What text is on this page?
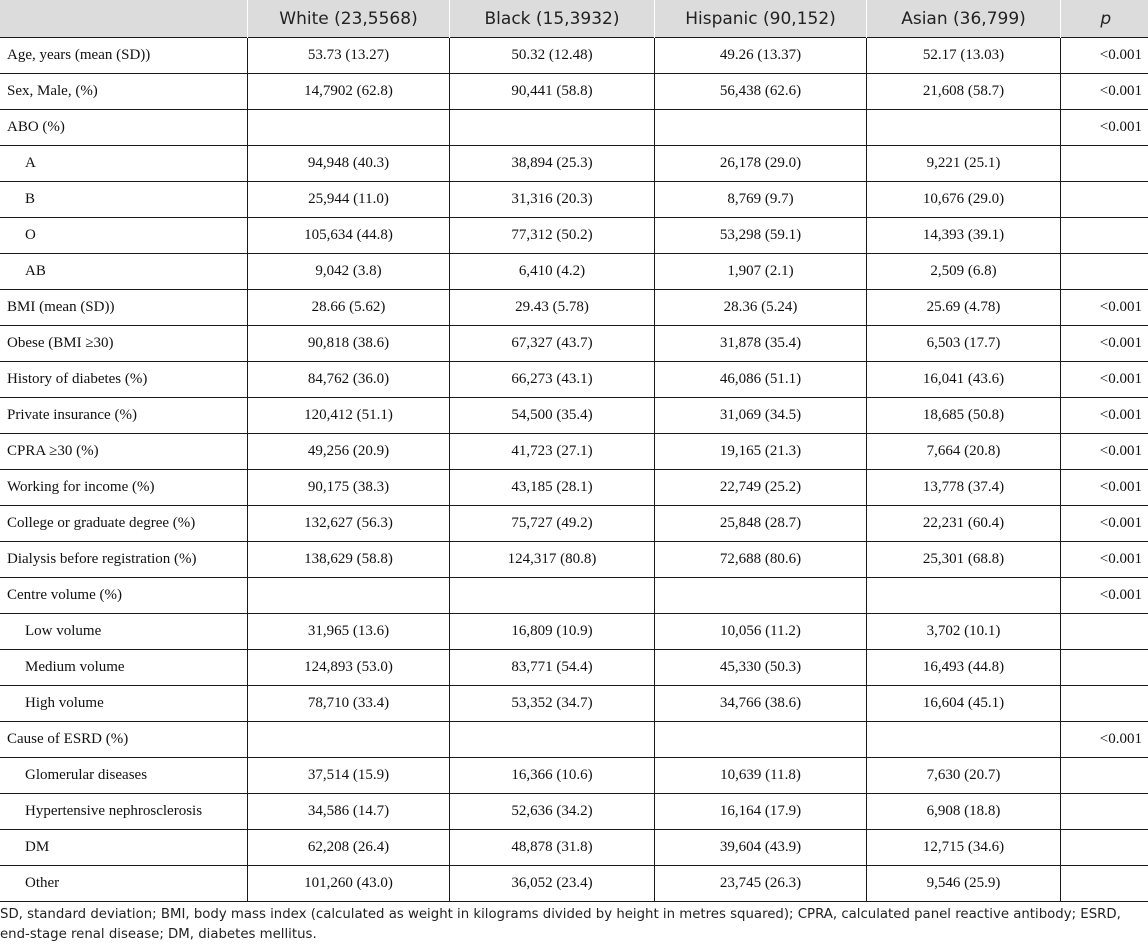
	White (23,5568)	Black (15,3932)	Hispanic (90,152)	Asian (36,799)	p
Age, years (mean (SD))	53.73 (13.27)	50.32 (12.48)	49.26 (13.37)	52.17 (13.03)	<0.001
Sex, Male, (%)	14,7902 (62.8)	90,441 (58.8)	56,438 (62.6)	21,608 (58.7)	<0.001
ABO (%)					<0.001
A	94,948 (40.3)	38,894 (25.3)	26,178 (29.0)	9,221 (25.1)	
B	25,944 (11.0)	31,316 (20.3)	8,769 (9.7)	10,676 (29.0)	
O	105,634 (44.8)	77,312 (50.2)	53,298 (59.1)	14,393 (39.1)	
AB	9,042 (3.8)	6,410 (4.2)	1,907 (2.1)	2,509 (6.8)	
BMI (mean (SD))	28.66 (5.62)	29.43 (5.78)	28.36 (5.24)	25.69 (4.78)	<0.001
Obese (BMI ≥30)	90,818 (38.6)	67,327 (43.7)	31,878 (35.4)	6,503 (17.7)	<0.001
History of diabetes (%)	84,762 (36.0)	66,273 (43.1)	46,086 (51.1)	16,041 (43.6)	<0.001
Private insurance (%)	120,412 (51.1)	54,500 (35.4)	31,069 (34.5)	18,685 (50.8)	<0.001
CPRA ≥30 (%)	49,256 (20.9)	41,723 (27.1)	19,165 (21.3)	7,664 (20.8)	<0.001
Working for income (%)	90,175 (38.3)	43,185 (28.1)	22,749 (25.2)	13,778 (37.4)	<0.001
College or graduate degree (%)	132,627 (56.3)	75,727 (49.2)	25,848 (28.7)	22,231 (60.4)	<0.001
Dialysis before registration (%)	138,629 (58.8)	124,317 (80.8)	72,688 (80.6)	25,301 (68.8)	<0.001
Centre volume (%)					<0.001
Low volume	31,965 (13.6)	16,809 (10.9)	10,056 (11.2)	3,702 (10.1)	
Medium volume	124,893 (53.0)	83,771 (54.4)	45,330 (50.3)	16,493 (44.8)	
High volume	78,710 (33.4)	53,352 (34.7)	34,766 (38.6)	16,604 (45.1)	
Cause of ESRD (%)					<0.001
Glomerular diseases	37,514 (15.9)	16,366 (10.6)	10,639 (11.8)	7,630 (20.7)	
Hypertensive nephrosclerosis	34,586 (14.7)	52,636 (34.2)	16,164 (17.9)	6,908 (18.8)	
DM	62,208 (26.4)	48,878 (31.8)	39,604 (43.9)	12,715 (34.6)	
Other	101,260 (43.0)	36,052 (23.4)	23,745 (26.3)	9,546 (25.9)	
SD, standard deviation; BMI, body mass index (calculated as weight in kilograms divided by height in metres squared); CPRA, calculated panel reactive antibody; ESRD, end-stage renal disease; DM, diabetes mellitus.
